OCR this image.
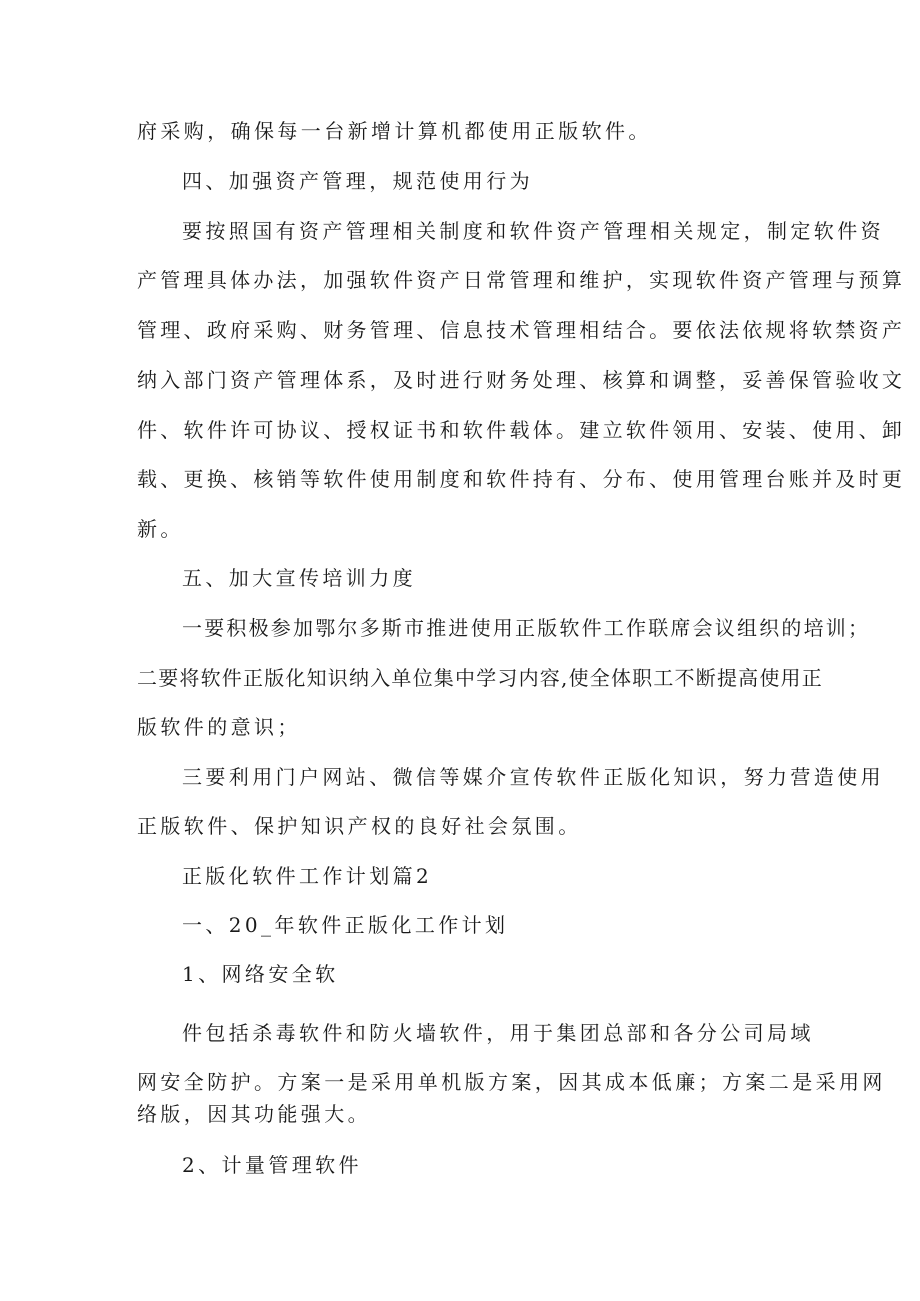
府采购，确保每一台新增计算机都使用正版软件。
四、加强资产管理，规范使用行为
要按照国有资产管理相关制度和软件资产管理相关规定，制定软件资
产管理具体办法，加强软件资产日常管理和维护，实现软件资产管理与预算
管理、政府采购、财务管理、信息技术管理相结合。要依法依规将软禁资产
纳入部门资产管理体系，及时进行财务处理、核算和调整，妥善保管验收文
件、软件许可协议、授权证书和软件载体。建立软件领用、安装、使用、卸
载、更换、核销等软件使用制度和软件持有、分布、使用管理台账并及时更
新。
五、加大宣传培训力度
一要积极参加鄂尔多斯市推进使用正版软件工作联席会议组织的培训；
二要将软件正版化知识纳入单位集中学习内容,使全体职工不断提高使用正
版软件的意识；
三要利用门户网站、微信等媒介宣传软件正版化知识，努力营造使用
正版软件、保护知识产权的良好社会氛围。
正版化软件工作计划篇2
一、20_年软件正版化工作计划
1、网络安全软
件包括杀毒软件和防火墙软件，用于集团总部和各分公司局域
网安全防护。方案一是采用单机版方案，因其成本低廉；方案二是采用网
络版，因其功能强大。
2、计量管理软件
